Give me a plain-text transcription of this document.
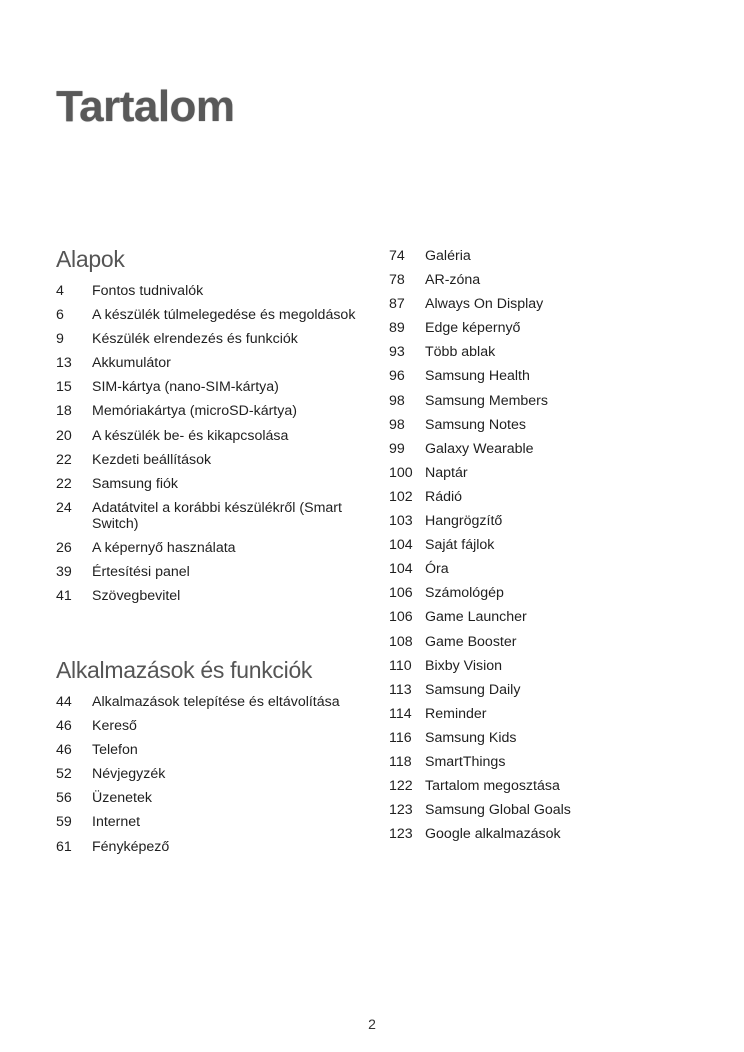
Tartalom
Alapok
4	Fontos tudnivalók
6	A készülék túlmelegedése és megoldások
9	Készülék elrendezés és funkciók
13	Akkumulátor
15	SIM-kártya (nano-SIM-kártya)
18	Memóriakártya (microSD-kártya)
20	A készülék be- és kikapcsolása
22	Kezdeti beállítások
22	Samsung fiók
24	Adatátvitel a korábbi készülékről (Smart Switch)
26	A képernyő használata
39	Értesítési panel
41	Szövegbevitel
Alkalmazások és funkciók
44	Alkalmazások telepítése és eltávolítása
46	Kereső
46	Telefon
52	Névjegyzék
56	Üzenetek
59	Internet
61	Fényképező
74	Galéria
78	AR-zóna
87	Always On Display
89	Edge képernyő
93	Több ablak
96	Samsung Health
98	Samsung Members
98	Samsung Notes
99	Galaxy Wearable
100 Naptár
102 Rádió
103 Hangrögzítő
104 Saját fájlok
104 Óra
106 Számológép
106 Game Launcher
108 Game Booster
110 Bixby Vision
113 Samsung Daily
114 Reminder
116 Samsung Kids
118 SmartThings
122 Tartalom megosztása
123 Samsung Global Goals
123 Google alkalmazások
2
